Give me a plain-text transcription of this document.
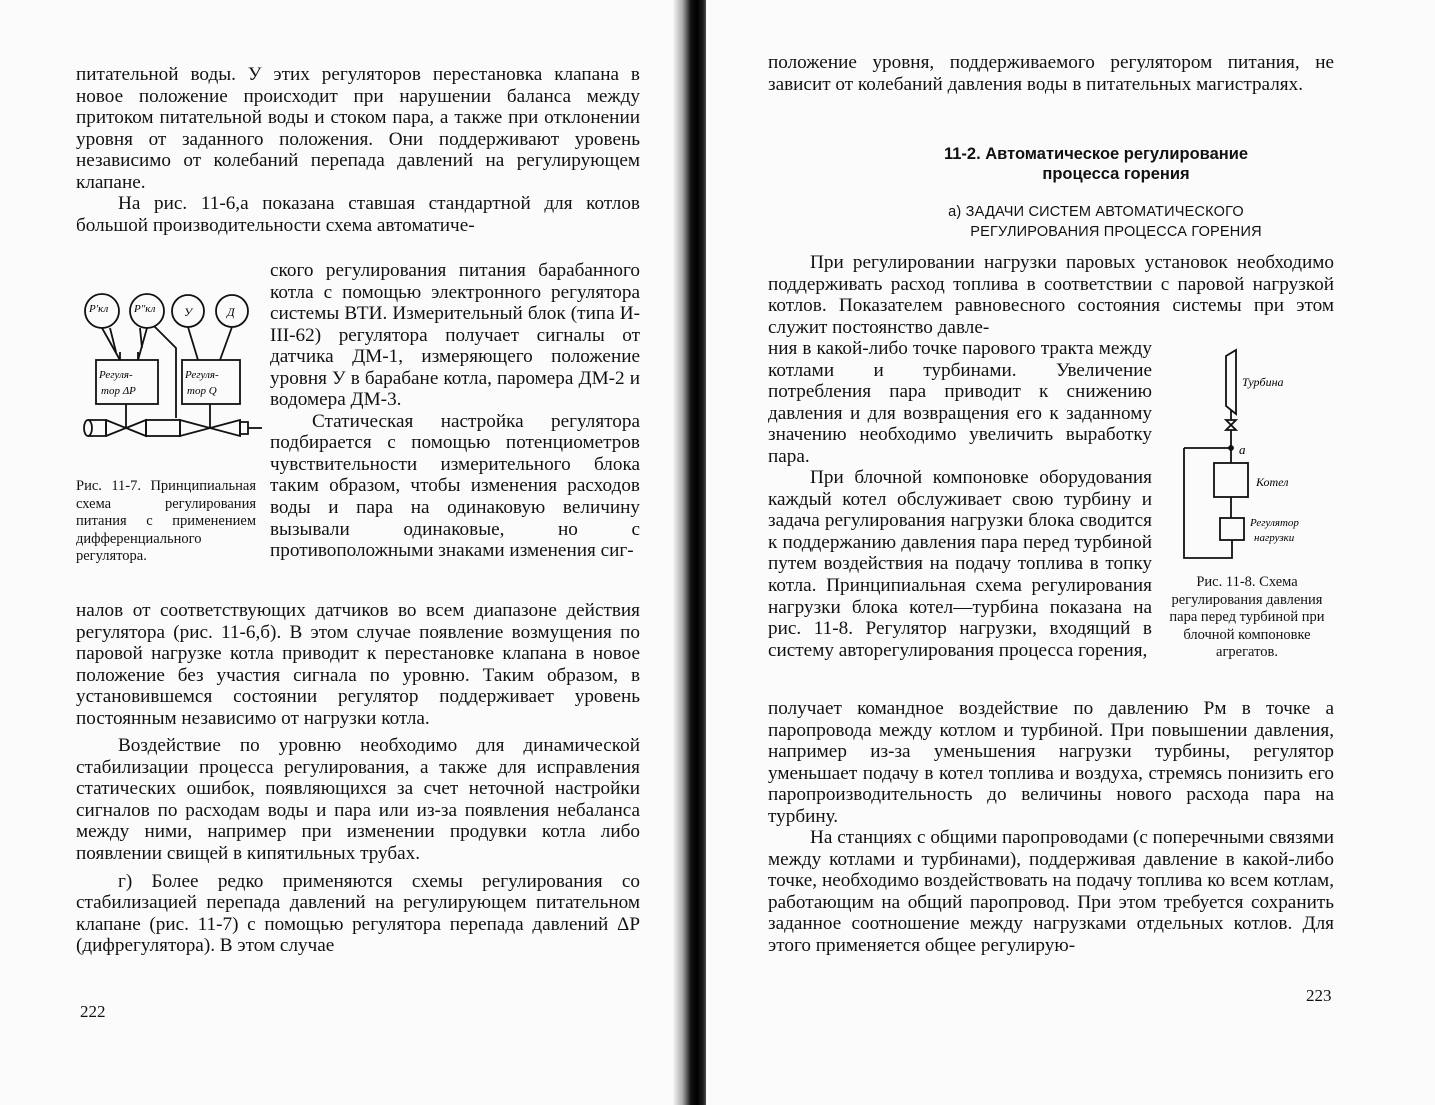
питательной воды. У этих регуляторов перестановка клапана в новое положение происходит при нарушении баланса между притоком питательной воды и стоком пара, а также при отклонении уровня от заданного положения. Они поддерживают уровень независимо от колебаний перепада давлений на регулирующем клапане.

На рис. 11-6,а показана ставшая стандартной для котлов большой производительности схема автоматиче-

ского регулирования питания барабанного котла с помощью электронного регулятора системы ВТИ. Измерительный блок (типа И-III-62) регулятора получает сигналы от датчика ДМ-1, измеряющего положение уровня У в барабане котла, паромера ДМ-2 и водомера ДМ-3.

Статическая настройка регулятора подбирается с помощью потенциометров чувствительности измерительного блока таким образом, чтобы изменения расходов воды и пара на одинаковую величину вызывали одинаковые, но с противоположными знаками изменения сиг-

P′кл P″кл У	Д
Регуля-
тор ΔP
Регуля-
тор Q
Рис. 11-7. Принципиальная схема регулирования питания с применением дифференциального регулятора.

налов от соответствующих датчиков во всем диапазоне действия регулятора (рис. 11-6,б). В этом случае появление возмущения по паровой нагрузке котла приводит к перестановке клапана в новое положение без участия сигнала по уровню. Таким образом, в установившемся состоянии регулятор поддерживает уровень постоянным независимо от нагрузки котла.

Воздействие по уровню необходимо для динамической стабилизации процесса регулирования, а также для исправления статических ошибок, появляющихся за счет неточной настройки сигналов по расходам воды и пара или из-за появления небаланса между ними, например при изменении продувки котла либо появлении свищей в кипятильных трубах.

г) Более редко применяются схемы регулирования со стабилизацией перепада давлений на регулирующем питательном клапане (рис. 11-7) с помощью регулятора перепада давлений ΔP (дифрегулятора). В этом случае

222
положение уровня, поддерживаемого регулятором питания, не зависит от колебаний давления воды в питательных магистралях.
11-2. Автоматическое регулирование
процесса горения
а) ЗАДАЧИ СИСТЕМ АВТОМАТИЧЕСКОГО
РЕГУЛИРОВАНИЯ ПРОЦЕССА ГОРЕНИЯ
При регулировании нагрузки паровых установок необходимо поддерживать расход топлива в соответствии с паровой нагрузкой котлов. Показателем равновесного состояния системы при этом служит постоянство давле-

ния в какой-либо точке парового тракта между котлами и турбинами. Увеличение потребления пара приводит к снижению давления и для возвращения его к заданному значению необходимо увеличить выработку пара.

При блочной компоновке оборудования каждый котел обслуживает свою турбину и задача регулирования нагрузки блока сводится к поддержанию давления пара перед турбиной путем воздействия на подачу топлива в топку котла. Принципиальная схема регулирования нагрузки блока котел—турбина показана на рис. 11-8. Регулятор нагрузки, входящий в систему авторегулирования процесса горения,

Турбина
а
Котел
Регулятор
нагрузки
Рис. 11-8. Схема регулирования давления пара перед турбиной при блочной компоновке агрегатов.

получает командное воздействие по давлению Pм в точке а паропровода между котлом и турбиной. При повышении давления, например из-за уменьшения нагрузки турбины, регулятор уменьшает подачу в котел топлива и воздуха, стремясь понизить его паропроизводительность до величины нового расхода пара на турбину.

На станциях с общими паропроводами (с поперечными связями между котлами и турбинами), поддерживая давление в какой-либо точке, необходимо воздействовать на подачу топлива ко всем котлам, работающим на общий паропровод. При этом требуется сохранить заданное соотношение между нагрузками отдельных котлов. Для этого применяется общее регулирую-

223
